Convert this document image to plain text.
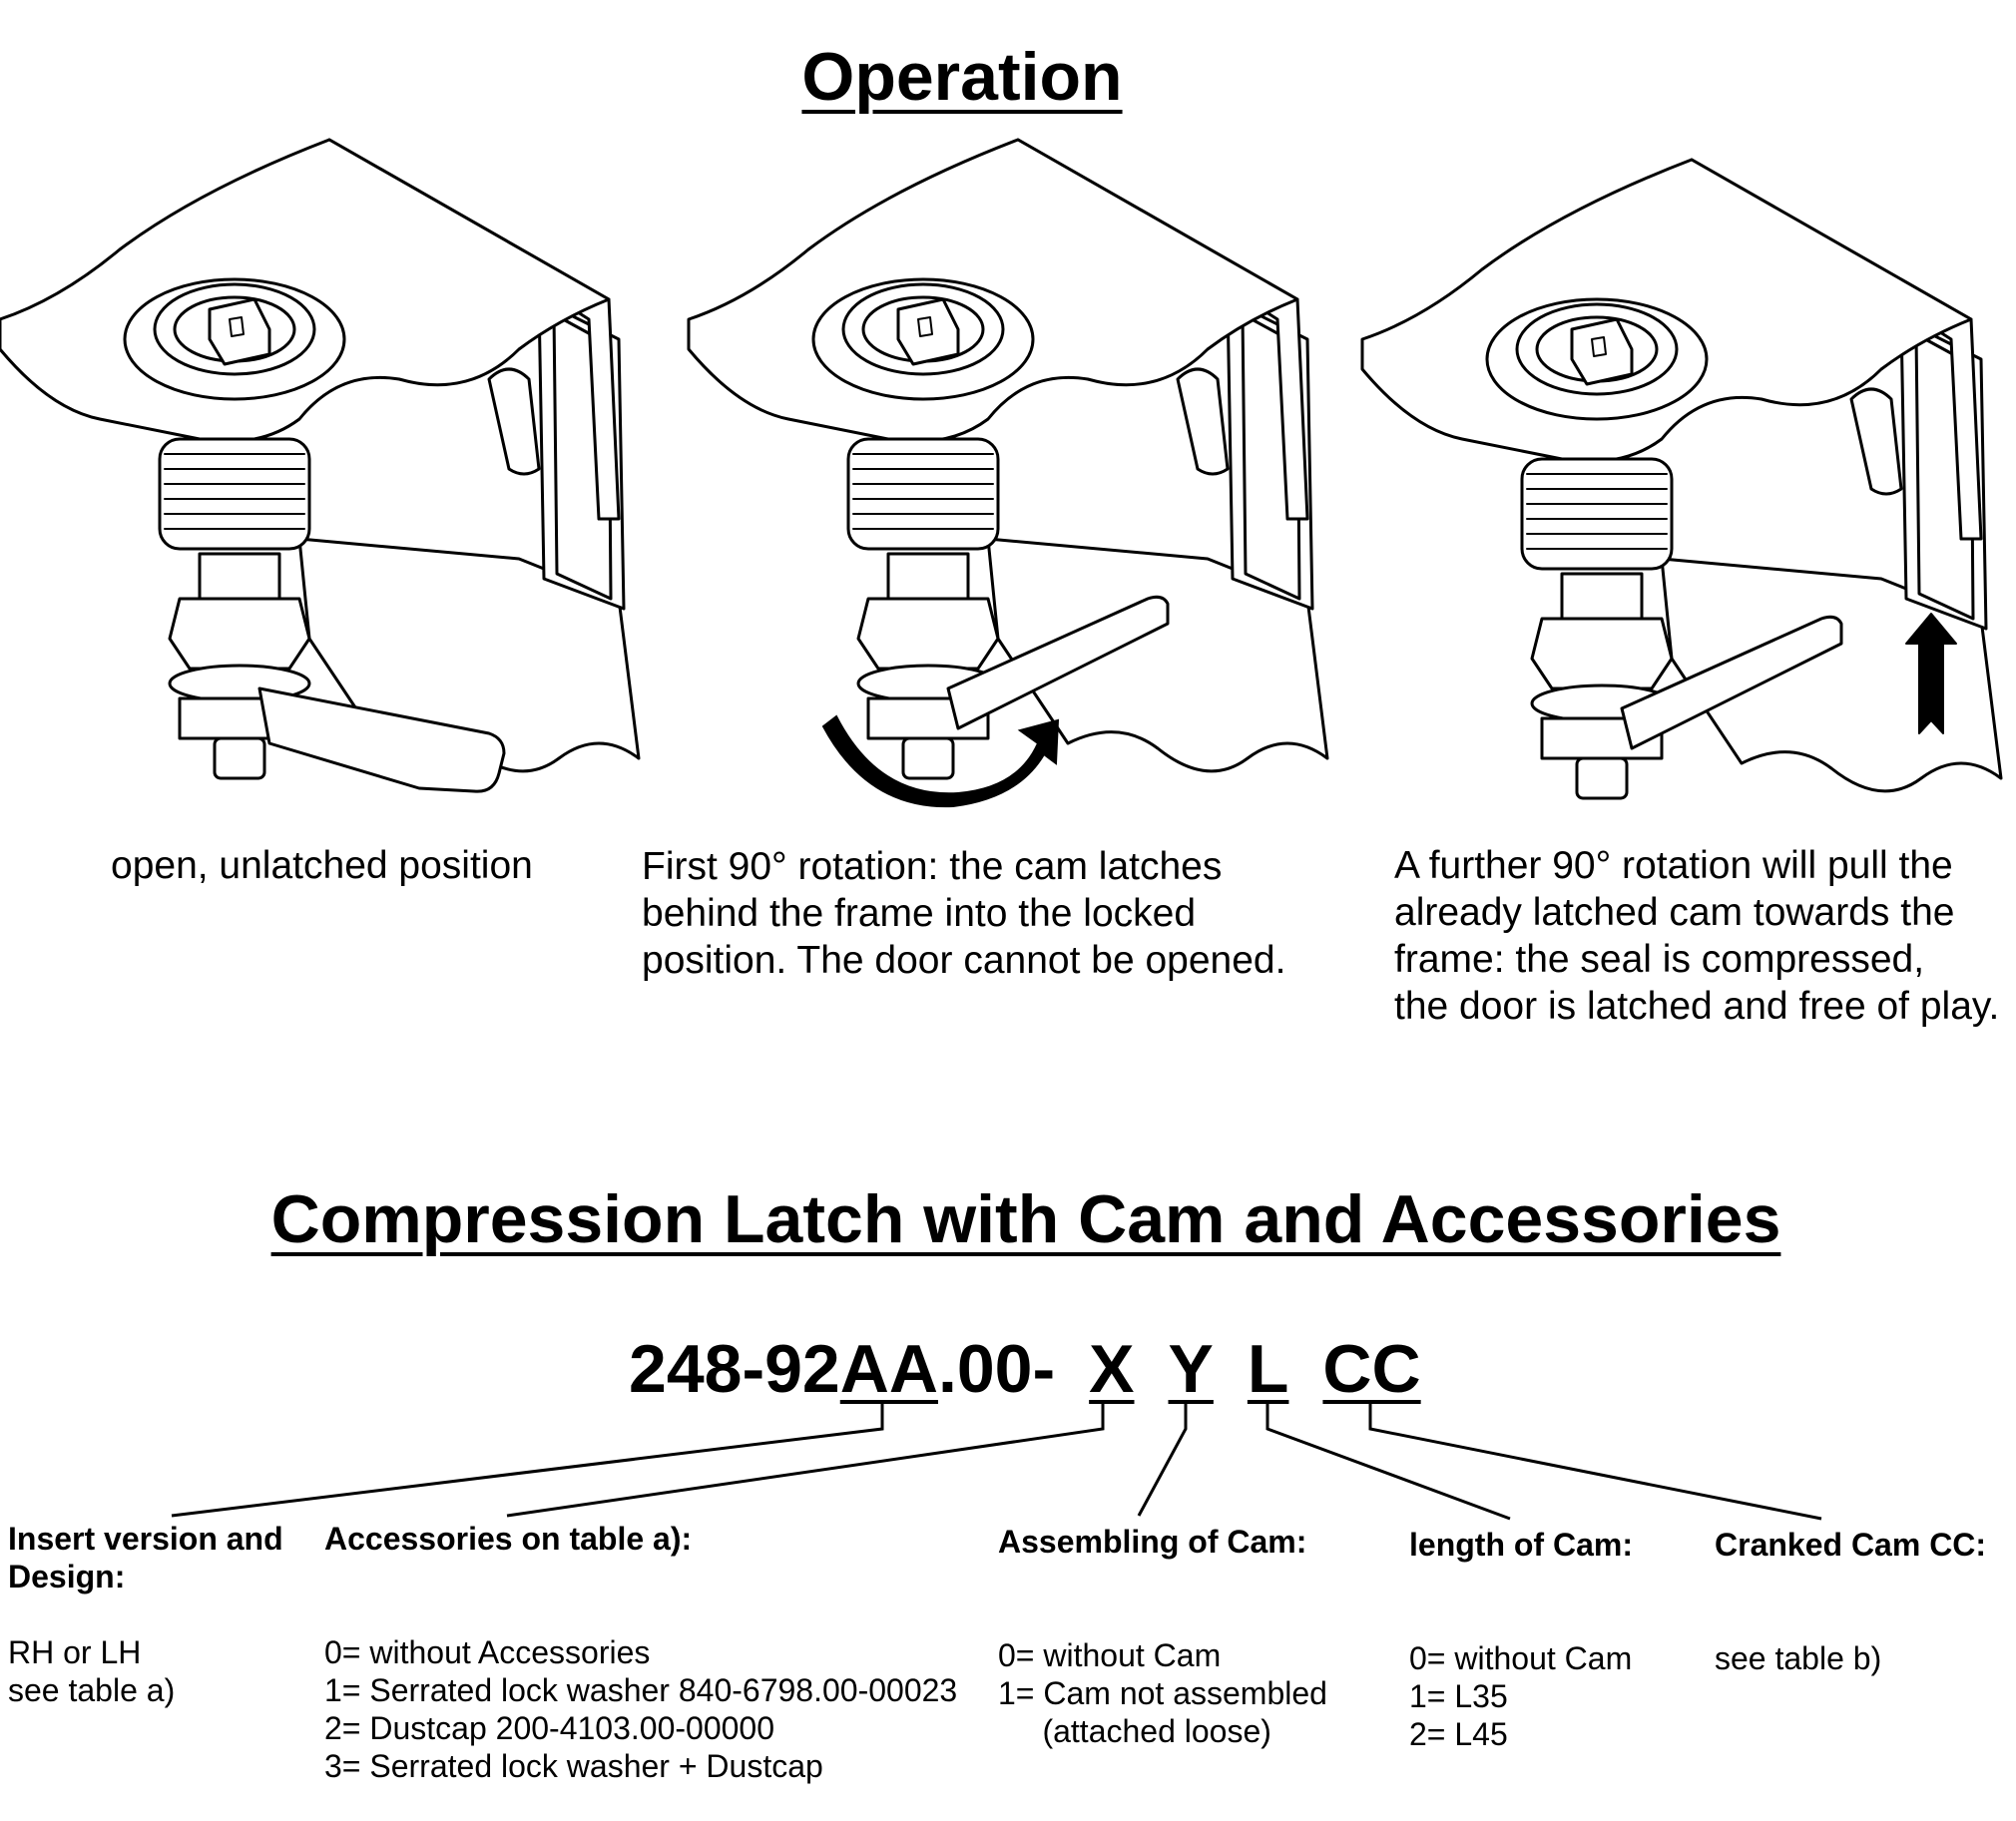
Operation
open, unlatched position	First 90° rotation: the cam latches
behind the frame into the locked
position. The door cannot be opened.
A further 90° rotation will pull the
already latched cam towards the
frame: the seal is compressed,
the door is latched and free of play.
Compression Latch with Cam and Accessories
248-92AA.00- X Y L CC
Insert version and
Design:
RH or LH
see table a)
Accessories on table a):
0= without Accessories
1= Serrated lock washer 840-6798.00-00023
2= Dustcap 200-4103.00-00000
3= Serrated lock washer + Dustcap
Assembling of Cam:
0= without Cam
1= Cam not assembled
(attached loose)
length of Cam:
0= without Cam
1= L35
2= L45
Cranked Cam CC:
see table b)
